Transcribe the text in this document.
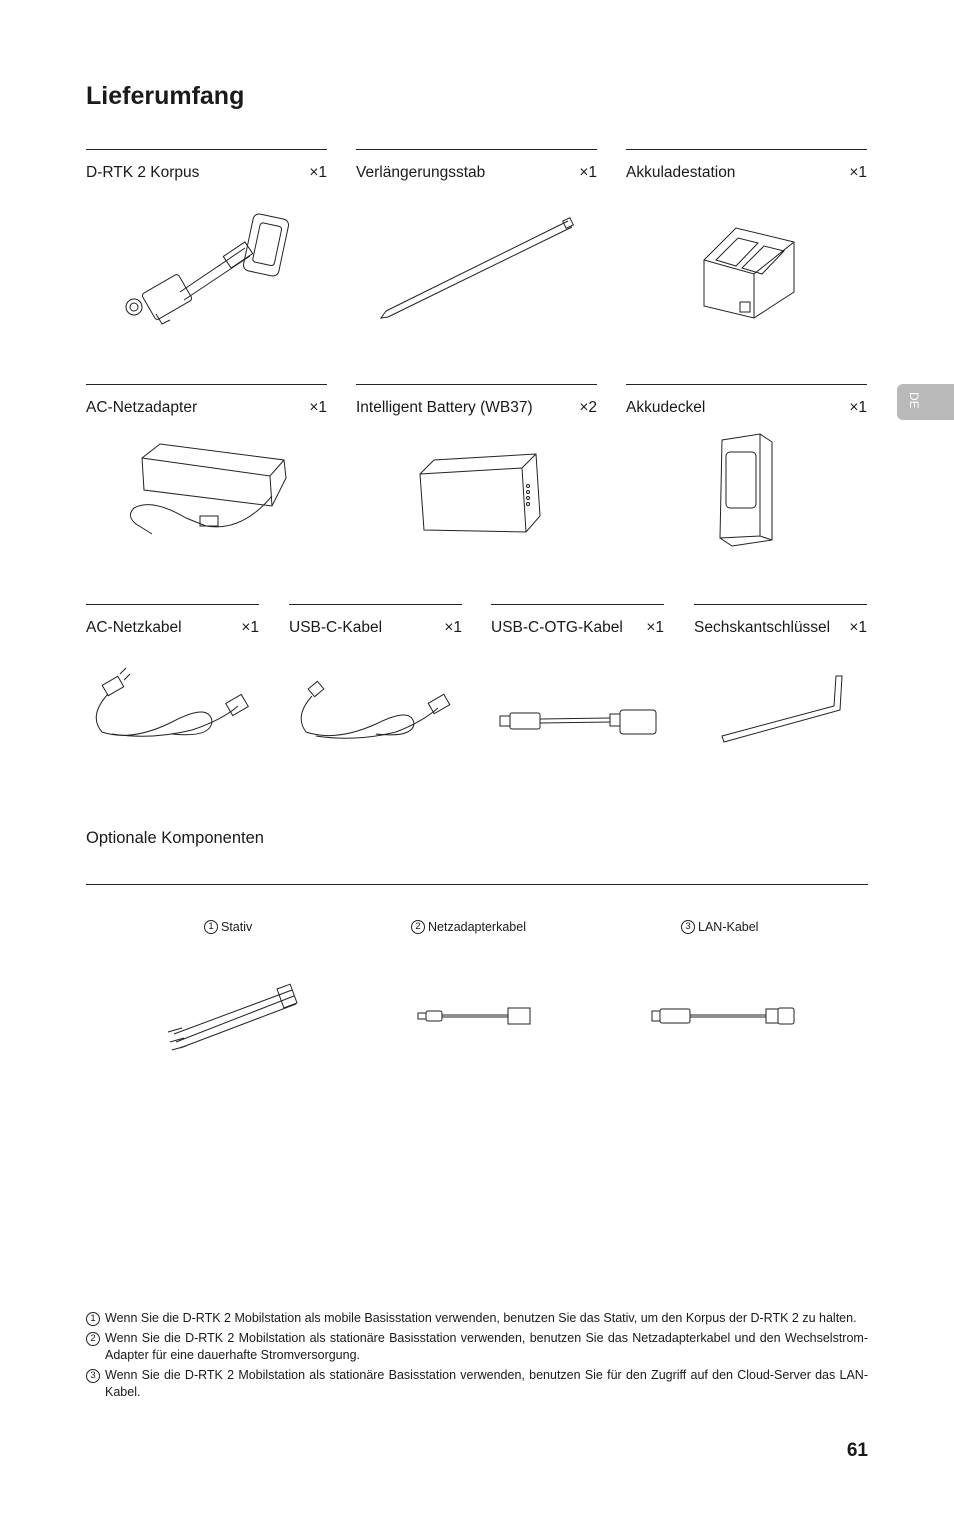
Lieferumfang
DE
D-RTK 2 Korpus	×1 Verlängerungsstab	×1 Akkuladestation	×1
AC-Netzadapter	×1 Intelligent Battery (WB37)	×2 Akkudeckel	×1
AC-Netzkabel	×1 USB-C-Kabel	×1 USB-C-OTG-Kabel ×1 Sechskantschlüssel ×1
Optionale Komponenten
1 Stativ	2 Netzadapterkabel	3 LAN-Kabel
1 Wenn Sie die D-RTK 2 Mobilstation als mobile Basisstation verwenden, benutzen Sie das Stativ, um den Korpus der D-RTK 2 zu halten.

2 Wenn Sie die D-RTK 2 Mobilstation als stationäre Basisstation verwenden, benutzen Sie das Netzadapterkabel und den Wechselstrom-Adapter für eine dauerhafte Stromversorgung.

3 Wenn Sie die D-RTK 2 Mobilstation als stationäre Basisstation verwenden, benutzen Sie für den Zugriff auf den Cloud-Server das LAN-Kabel.

61
